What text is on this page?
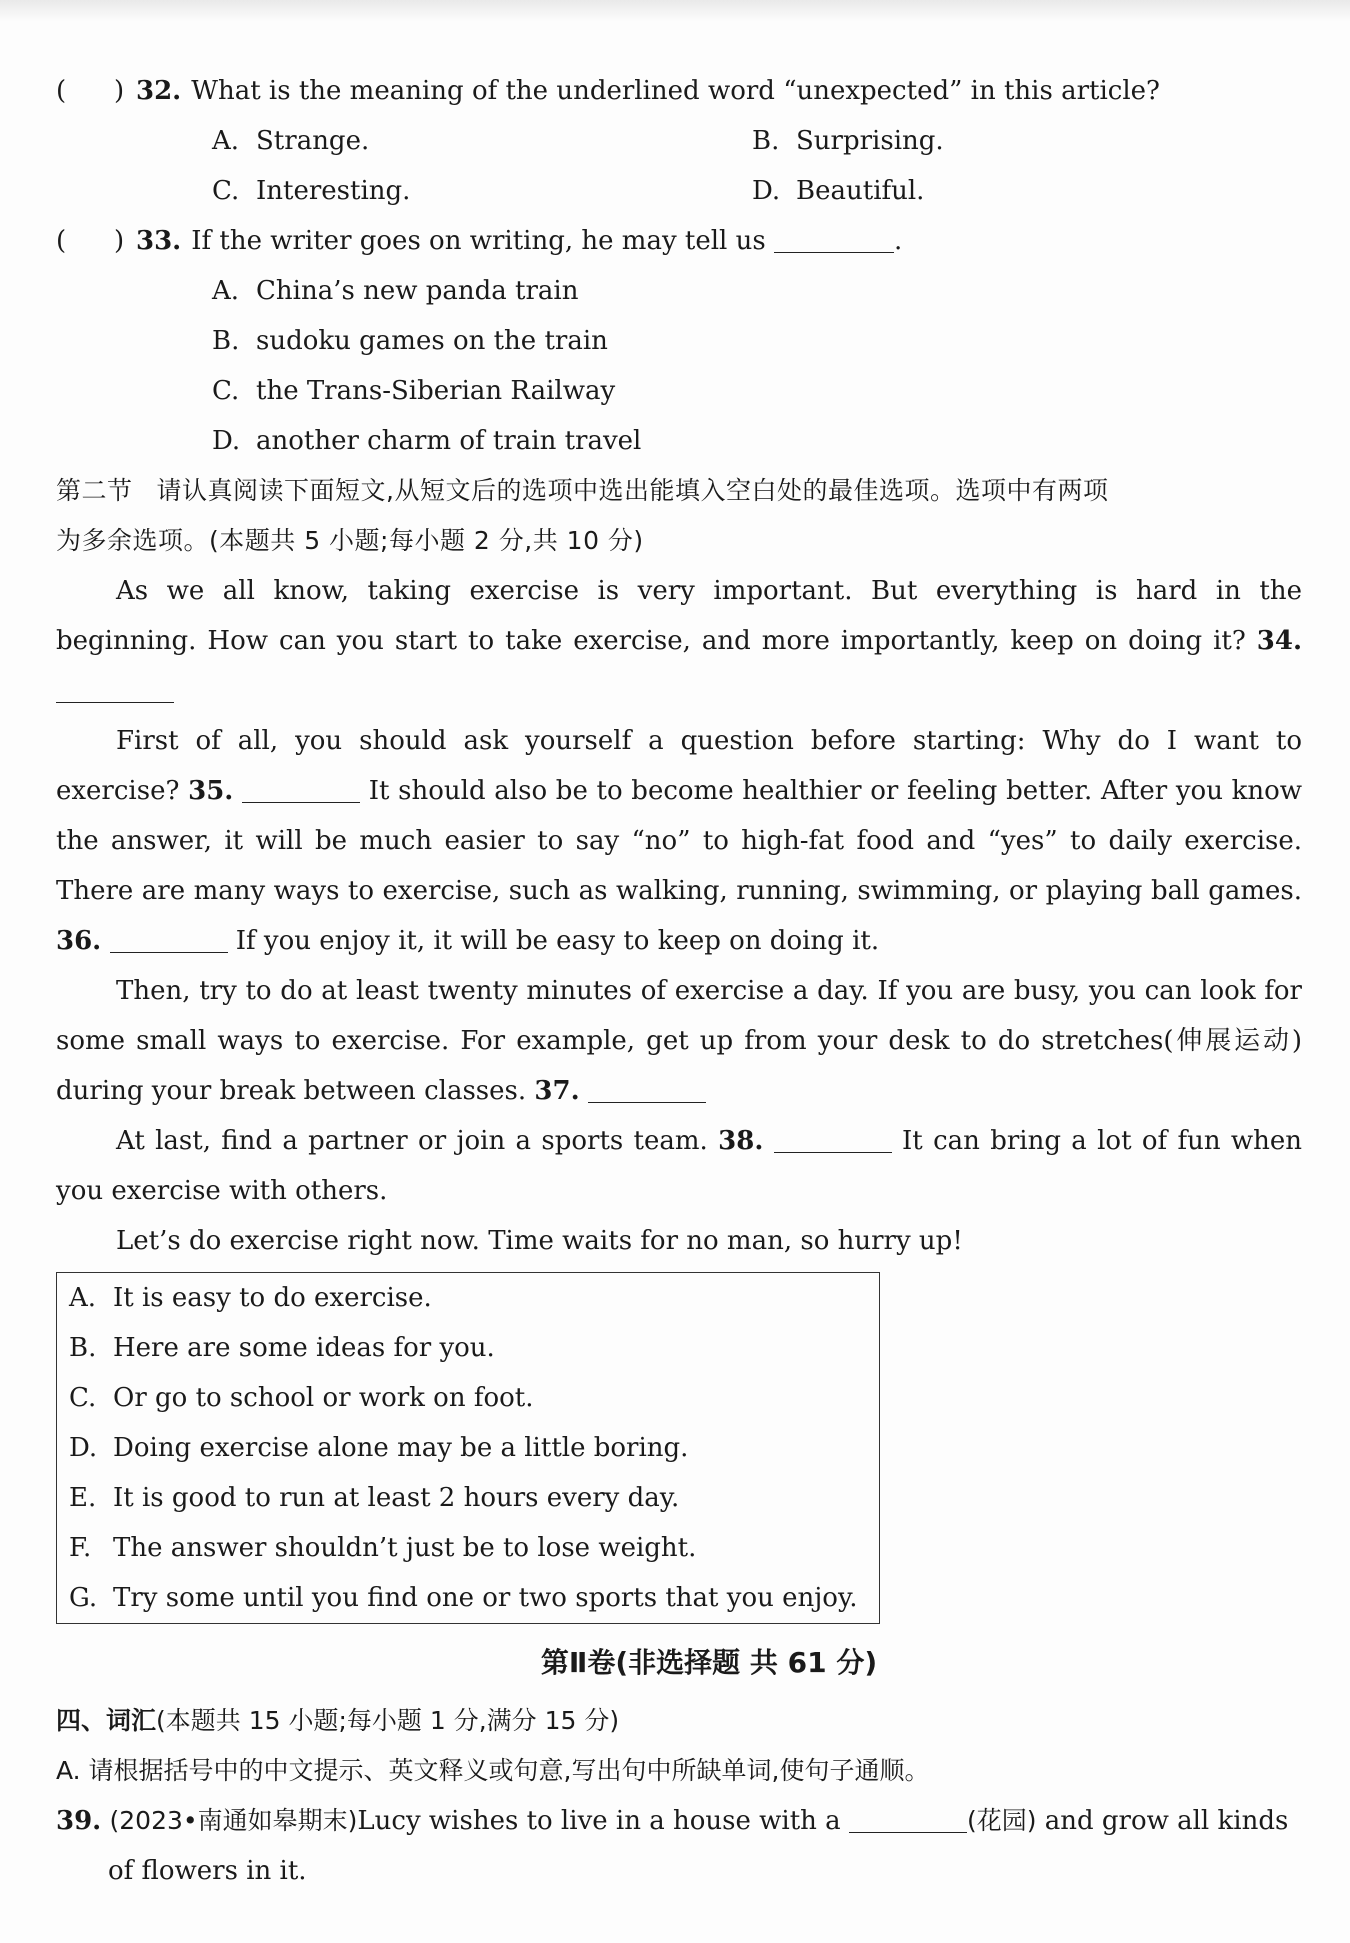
( ) 32. What is the meaning of the underlined word “unexpected” in this article?
A. Strange.	B. Surprising.
C. Interesting.	D. Beautiful.
( ) 33. If the writer goes on writing, he may tell us	.
A. China’s new panda train
B. sudoku games on the train
C. the Trans-Siberian Railway
D. another charm of train travel
第二节 请认真阅读下面短文,从短文后的选项中选出能填入空白处的最佳选项。选项中有两项
为多余选项。(本题共 5 小题;每小题 2 分,共 10 分)
As we all know, taking exercise is very important. But everything is hard in the beginning. How can you start to take exercise, and more importantly, keep on doing it? 34.
First of all, you should ask yourself a question before starting: Why do I want to exercise? 35.	It should also be to become healthier or feeling better. After you know the answer, it will be much easier to say “no” to high-fat food and “yes” to daily exercise. There are many ways to exercise, such as walking, running, swimming, or playing ball games. 36.	If you enjoy it, it will be easy to keep on doing it.
Then, try to do at least twenty minutes of exercise a day. If you are busy, you can look for some small ways to exercise. For example, get up from your desk to do stretches(伸展运动) during your break between classes. 37.
At last, find a partner or join a sports team. 38.	It can bring a lot of fun when you exercise with others.
Let’s do exercise right now. Time waits for no man, so hurry up!
A. It is easy to do exercise.
B. Here are some ideas for you.
C. Or go to school or work on foot.
D. Doing exercise alone may be a little boring.
E. It is good to run at least 2 hours every day.
F. The answer shouldn’t just be to lose weight.
G. Try some until you find one or two sports that you enjoy.
第Ⅱ卷(非选择题 共 61 分)
四、词汇(本题共 15 小题;每小题 1 分,满分 15 分)
A. 请根据括号中的中文提示、英文释义或句意,写出句中所缺单词,使句子通顺。
39. (2023•南通如皋期末)Lucy wishes to live in a house with a	(花园) and grow all kinds of flowers in it.
